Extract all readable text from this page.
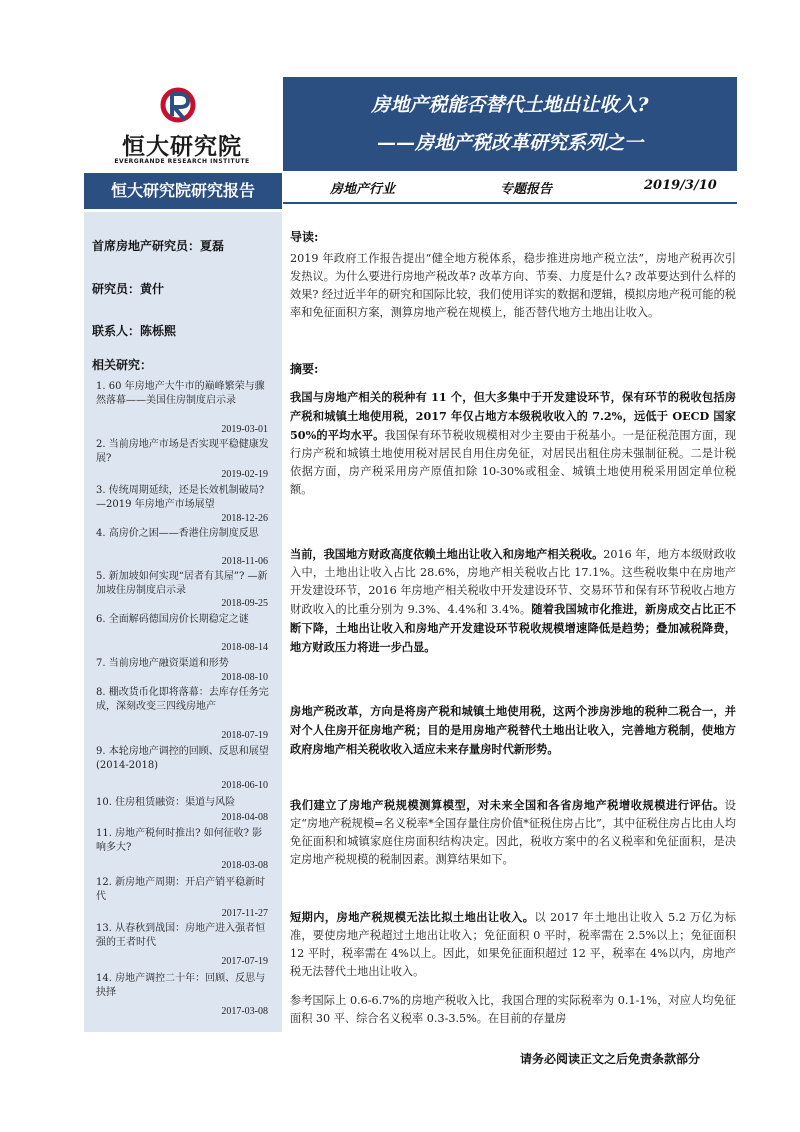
恒大研究院
EVERGRANDE RESEARCH INSTITUTE
房地产税能否替代土地出让收入?
——房地产税改革研究系列之一
恒大研究院研究报告	房地产行业	专题报告	2019/3/10
首席房地产研究员：夏磊
研究员：黄什
联系人：陈栎熙
相关研究：
1. 60 年房地产大牛市的巅峰繁荣与骤然落幕——美国住房制度启示录
2019-03-01
2. 当前房地产市场是否实现平稳健康发展?
2019-02-19
3. 传统周期延续，还是长效机制破局? —2019 年房地产市场展望
2018-12-26
4. 高房价之困——香港住房制度反思
2018-11-06
5. 新加坡如何实现“居者有其屋”? —新加坡住房制度启示录
2018-09-25
6. 全面解码德国房价长期稳定之谜
2018-08-14
7. 当前房地产融资渠道和形势
2018-08-10
8. 棚改货币化即将落幕：去库存任务完成，深刻改变三四线房地产
2018-07-19
9. 本轮房地产调控的回顾、反思和展望(2014-2018)
2018-06-10
10. 住房租赁融资：渠道与风险
2018-04-08
11. 房地产税何时推出? 如何征收? 影响多大?
2018-03-08
12. 新房地产周期：开启产销平稳新时代
2017-11-27
13. 从春秋到战国：房地产进入强者恒强的王者时代
2017-07-19
14. 房地产调控二十年：回顾、反思与抉择
2017-03-08
导读:
2019 年政府工作报告提出“健全地方税体系，稳步推进房地产税立法”，房地产税再次引发热议。为什么要进行房地产税改革? 改革方向、节奏、力度是什么? 改革要达到什么样的效果? 经过近半年的研究和国际比较，我们使用详实的数据和逻辑，模拟房地产税可能的税率和免征面积方案，测算房地产税在规模上，能否替代地方土地出让收入。
摘要:
我国与房地产相关的税种有 11 个，但大多集中于开发建设环节，保有环节的税收包括房产税和城镇土地使用税，2017 年仅占地方本级税收收入的 7.2%，远低于 OECD 国家 50%的平均水平。我国保有环节税收规模相对少主要由于税基小。一是征税范围方面，现行房产税和城镇土地使用税对居民自用住房免征，对居民出租住房未强制征税。二是计税依据方面，房产税采用房产原值扣除 10-30%或租金、城镇土地使用税采用固定单位税额。
当前，我国地方财政高度依赖土地出让收入和房地产相关税收。2016 年，地方本级财政收入中，土地出让收入占比 28.6%，房地产相关税收占比 17.1%。这些税收集中在房地产开发建设环节，2016 年房地产相关税收中开发建设环节、交易环节和保有环节税收占地方财政收入的比重分别为 9.3%、4.4%和 3.4%。随着我国城市化推进，新房成交占比正不断下降，土地出让收入和房地产开发建设环节税收规模增速降低是趋势；叠加减税降费，地方财政压力将进一步凸显。
房地产税改革，方向是将房产税和城镇土地使用税，这两个涉房涉地的税种二税合一，并对个人住房开征房地产税；目的是用房地产税替代土地出让收入，完善地方税制，使地方政府房地产相关税收收入适应未来存量房时代新形势。
我们建立了房地产税规模测算模型，对未来全国和各省房地产税增收规模进行评估。设定“房地产税规模=名义税率*全国存量住房价值*征税住房占比”，其中征税住房占比由人均免征面积和城镇家庭住房面积结构决定。因此，税收方案中的名义税率和免征面积，是决定房地产税规模的税制因素。测算结果如下。
短期内，房地产税规模无法比拟土地出让收入。以 2017 年土地出让收入 5.2 万亿为标准，要使房地产税超过土地出让收入；免征面积 0 平时，税率需在 2.5%以上；免征面积 12 平时，税率需在 4%以上。因此，如果免征面积超过 12 平，税率在 4%以内，房地产税无法替代土地出让收入。
参考国际上 0.6-6.7%的房地产税收入比，我国合理的实际税率为 0.1-1%，对应人均免征面积 30 平、综合名义税率 0.3-3.5%。在目前的存量房
请务必阅读正文之后免责条款部分
